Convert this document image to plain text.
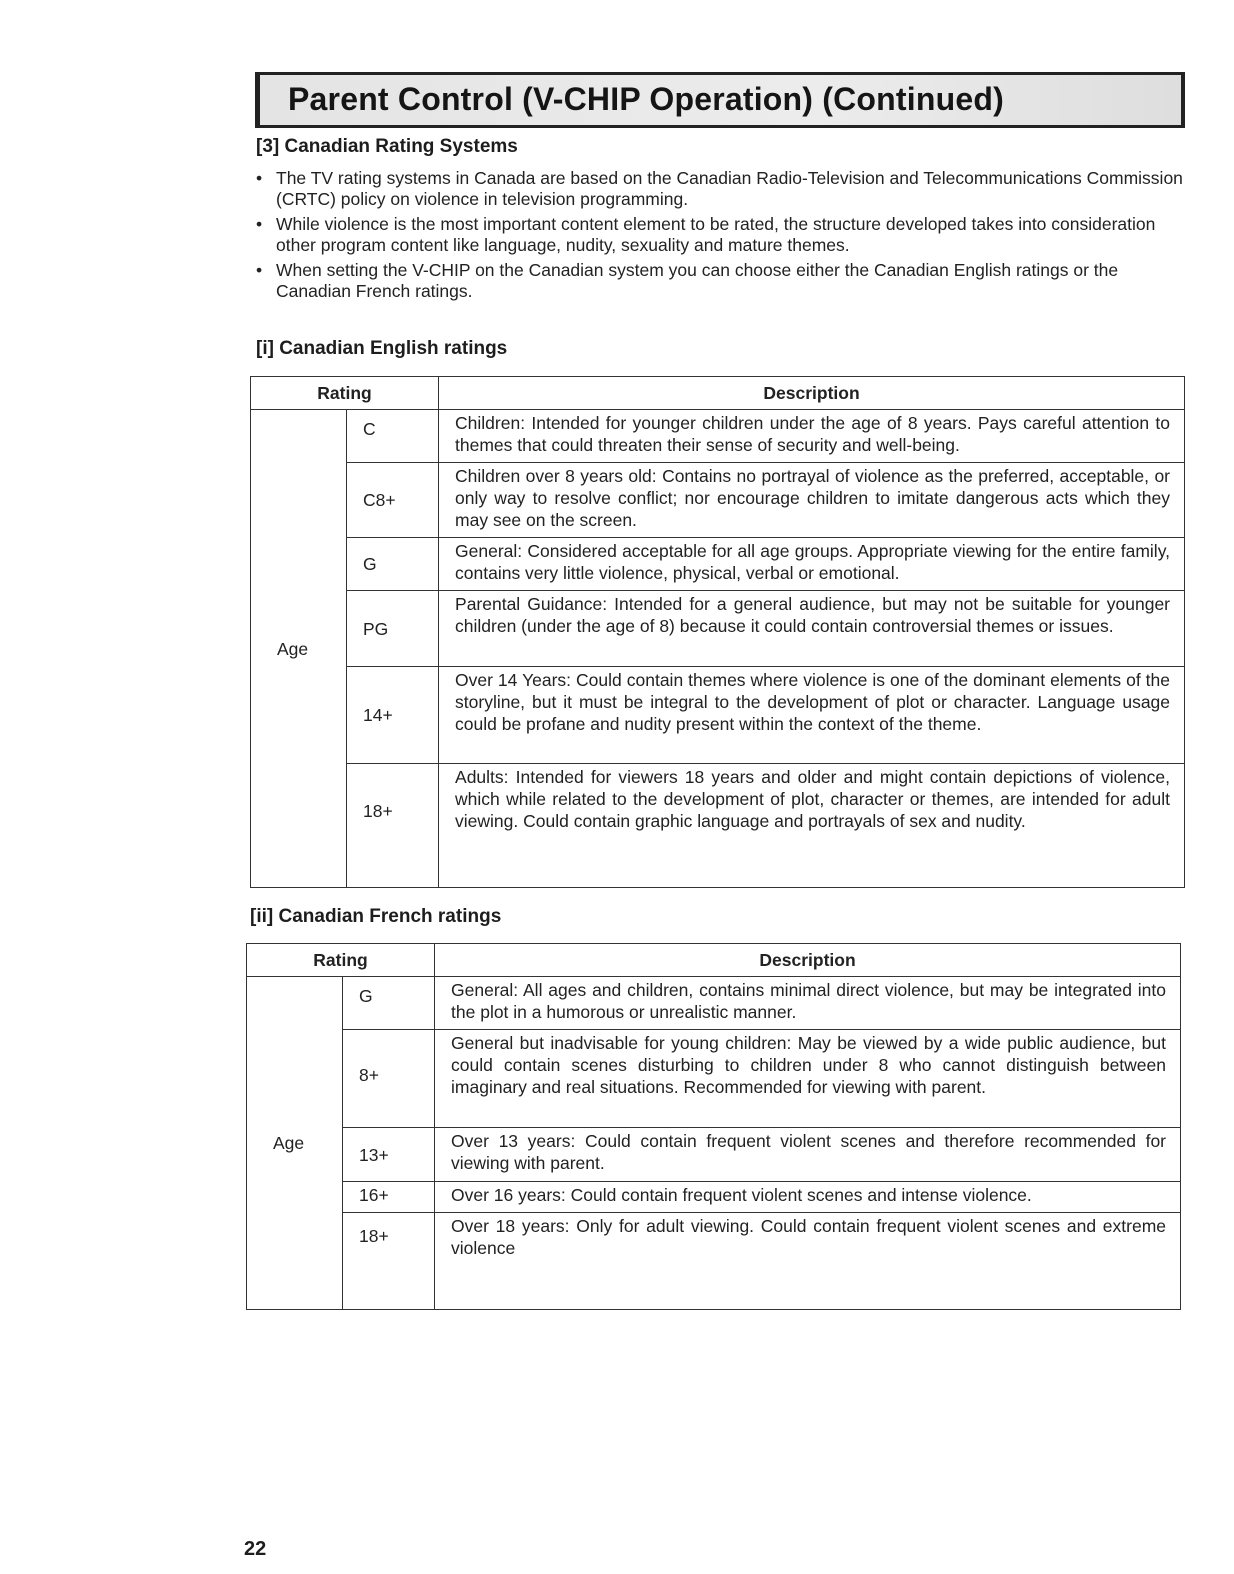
Parent Control (V-CHIP Operation) (Continued)
[3] Canadian Rating Systems
• The TV rating systems in Canada are based on the Canadian Radio-Television and Telecommunications Commission (CRTC) policy on violence in television programming.
• While violence is the most important content element to be rated, the structure developed takes into consideration other program content like language, nudity, sexuality and mature themes.
• When setting the V-CHIP on the Canadian system you can choose either the Canadian English ratings or the Canadian French ratings.
[i] Canadian English ratings
Rating		Description
Age	C	Children: Intended for younger children under the age of 8 years. Pays careful attention to themes that could threaten their sense of security and well-being.
	C8+	Children over 8 years old: Contains no portrayal of violence as the preferred, acceptable, or only way to resolve conflict; nor encourage children to imitate dangerous acts which they may see on the screen.
	G	General: Considered acceptable for all age groups. Appropriate viewing for the entire family, contains very little violence, physical, verbal or emotional.
	PG	Parental Guidance: Intended for a general audience, but may not be suitable for younger children (under the age of 8) because it could contain controversial themes or issues.
	14+	Over 14 Years: Could contain themes where violence is one of the dominant elements of the storyline, but it must be integral to the development of plot or character. Language usage could be profane and nudity present within the context of the theme.
	18+	Adults: Intended for viewers 18 years and older and might contain depictions of violence, which while related to the development of plot, character or themes, are intended for adult viewing. Could contain graphic language and portrayals of sex and nudity.
[ii] Canadian French ratings
Rating		Description
Age	G	General: All ages and children, contains minimal direct violence, but may be integrated into the plot in a humorous or unrealistic manner.
	8+	General but inadvisable for young children: May be viewed by a wide public audience, but could contain scenes disturbing to children under 8 who cannot distinguish between imaginary and real situations. Recommended for viewing with parent.
	13+	Over 13 years: Could contain frequent violent scenes and therefore recommended for viewing with parent.
	16+	Over 16 years: Could contain frequent violent scenes and intense violence.
	18+	Over 18 years: Only for adult viewing. Could contain frequent violent scenes and extreme violence
22
